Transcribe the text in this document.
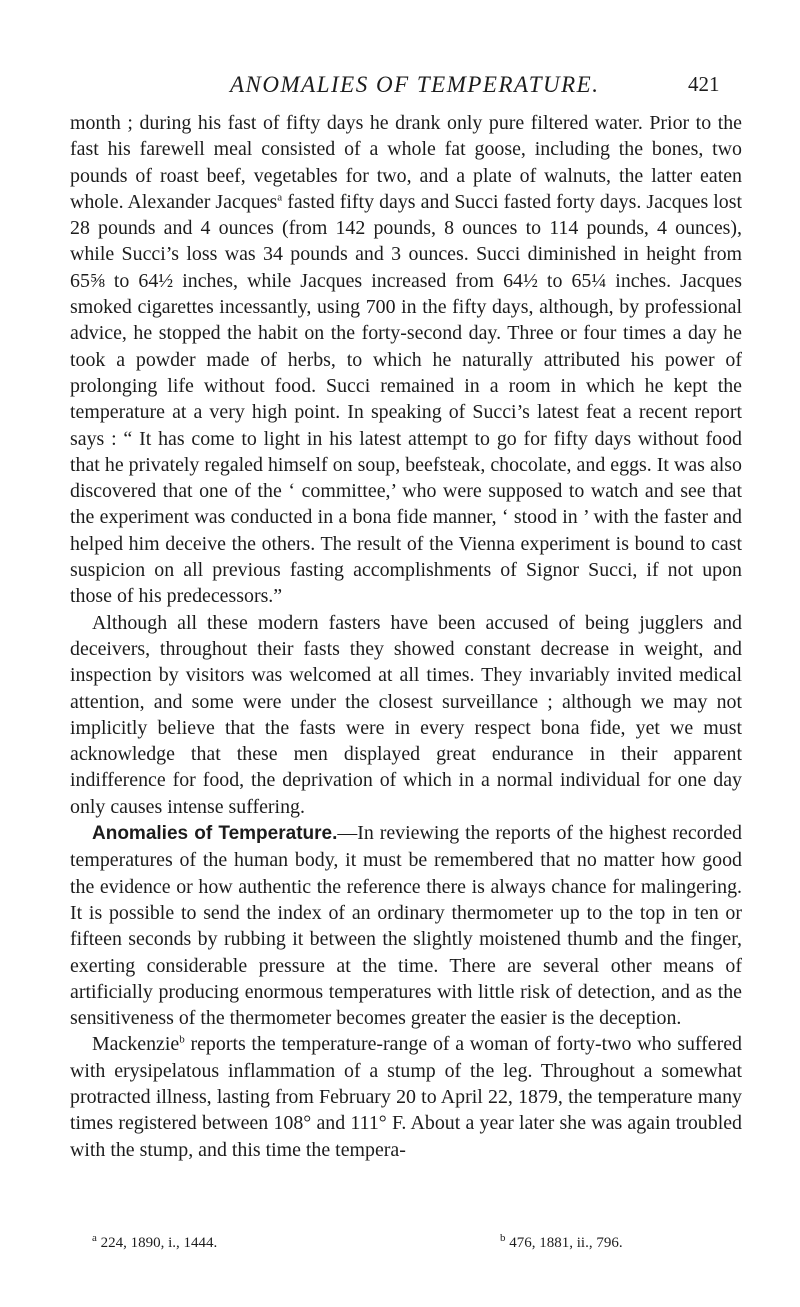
ANOMALIES OF TEMPERATURE.	421

month ; during his fast of fifty days he drank only pure filtered water. Prior to the fast his farewell meal consisted of a whole fat goose, including the bones, two pounds of roast beef, vegetables for two, and a plate of walnuts, the latter eaten whole. Alexander Jacques$^a$ fasted fifty days and Succi fasted forty days. Jacques lost 28 pounds and 4 ounces (from 142 pounds, 8 ounces to 114 pounds, 4 ounces), while Succi’s loss was 34 pounds and 3 ounces. Succi diminished in height from 65⅝ to 64½ inches, while Jacques increased from 64½ to 65¼ inches. Jacques smoked cigarettes incessantly, using 700 in the fifty days, although, by professional advice, he stopped the habit on the forty-second day. Three or four times a day he took a powder made of herbs, to which he naturally attributed his power of prolonging life without food. Succi remained in a room in which he kept the temperature at a very high point. In speaking of Succi’s latest feat a recent report says : “ It has come to light in his latest attempt to go for fifty days without food that he privately regaled himself on soup, beefsteak, chocolate, and eggs. It was also discovered that one of the ‘ committee,’ who were supposed to watch and see that the experiment was conducted in a bona fide manner, ‘ stood in ’ with the faster and helped him deceive the others. The result of the Vienna experiment is bound to cast suspicion on all previous fasting accomplishments of Signor Succi, if not upon those of his predecessors.”

Although all these modern fasters have been accused of being jugglers and deceivers, throughout their fasts they showed constant decrease in weight, and inspection by visitors was welcomed at all times. They invariably invited medical attention, and some were under the closest surveillance ; although we may not implicitly believe that the fasts were in every respect bona fide, yet we must acknowledge that these men displayed great endurance in their apparent indifference for food, the deprivation of which in a normal individual for one day only causes intense suffering.

Anomalies of Temperature.—In reviewing the reports of the highest recorded temperatures of the human body, it must be remembered that no matter how good the evidence or how authentic the reference there is always chance for malingering. It is possible to send the index of an ordinary thermometer up to the top in ten or fifteen seconds by rubbing it between the slightly moistened thumb and the finger, exerting considerable pressure at the time. There are several other means of artificially producing enormous temperatures with little risk of detection, and as the sensitiveness of the thermometer becomes greater the easier is the deception.

Mackenzie$^b$ reports the temperature-range of a woman of forty-two who suffered with erysipelatous inflammation of a stump of the leg. Throughout a somewhat protracted illness, lasting from February 20 to April 22, 1879, the temperature many times registered between 108° and 111° F. About a year later she was again troubled with the stump, and this time the tempera-

$^a$ 224, 1890, i., 1444.	$^b$ 476, 1881, ii., 796.
